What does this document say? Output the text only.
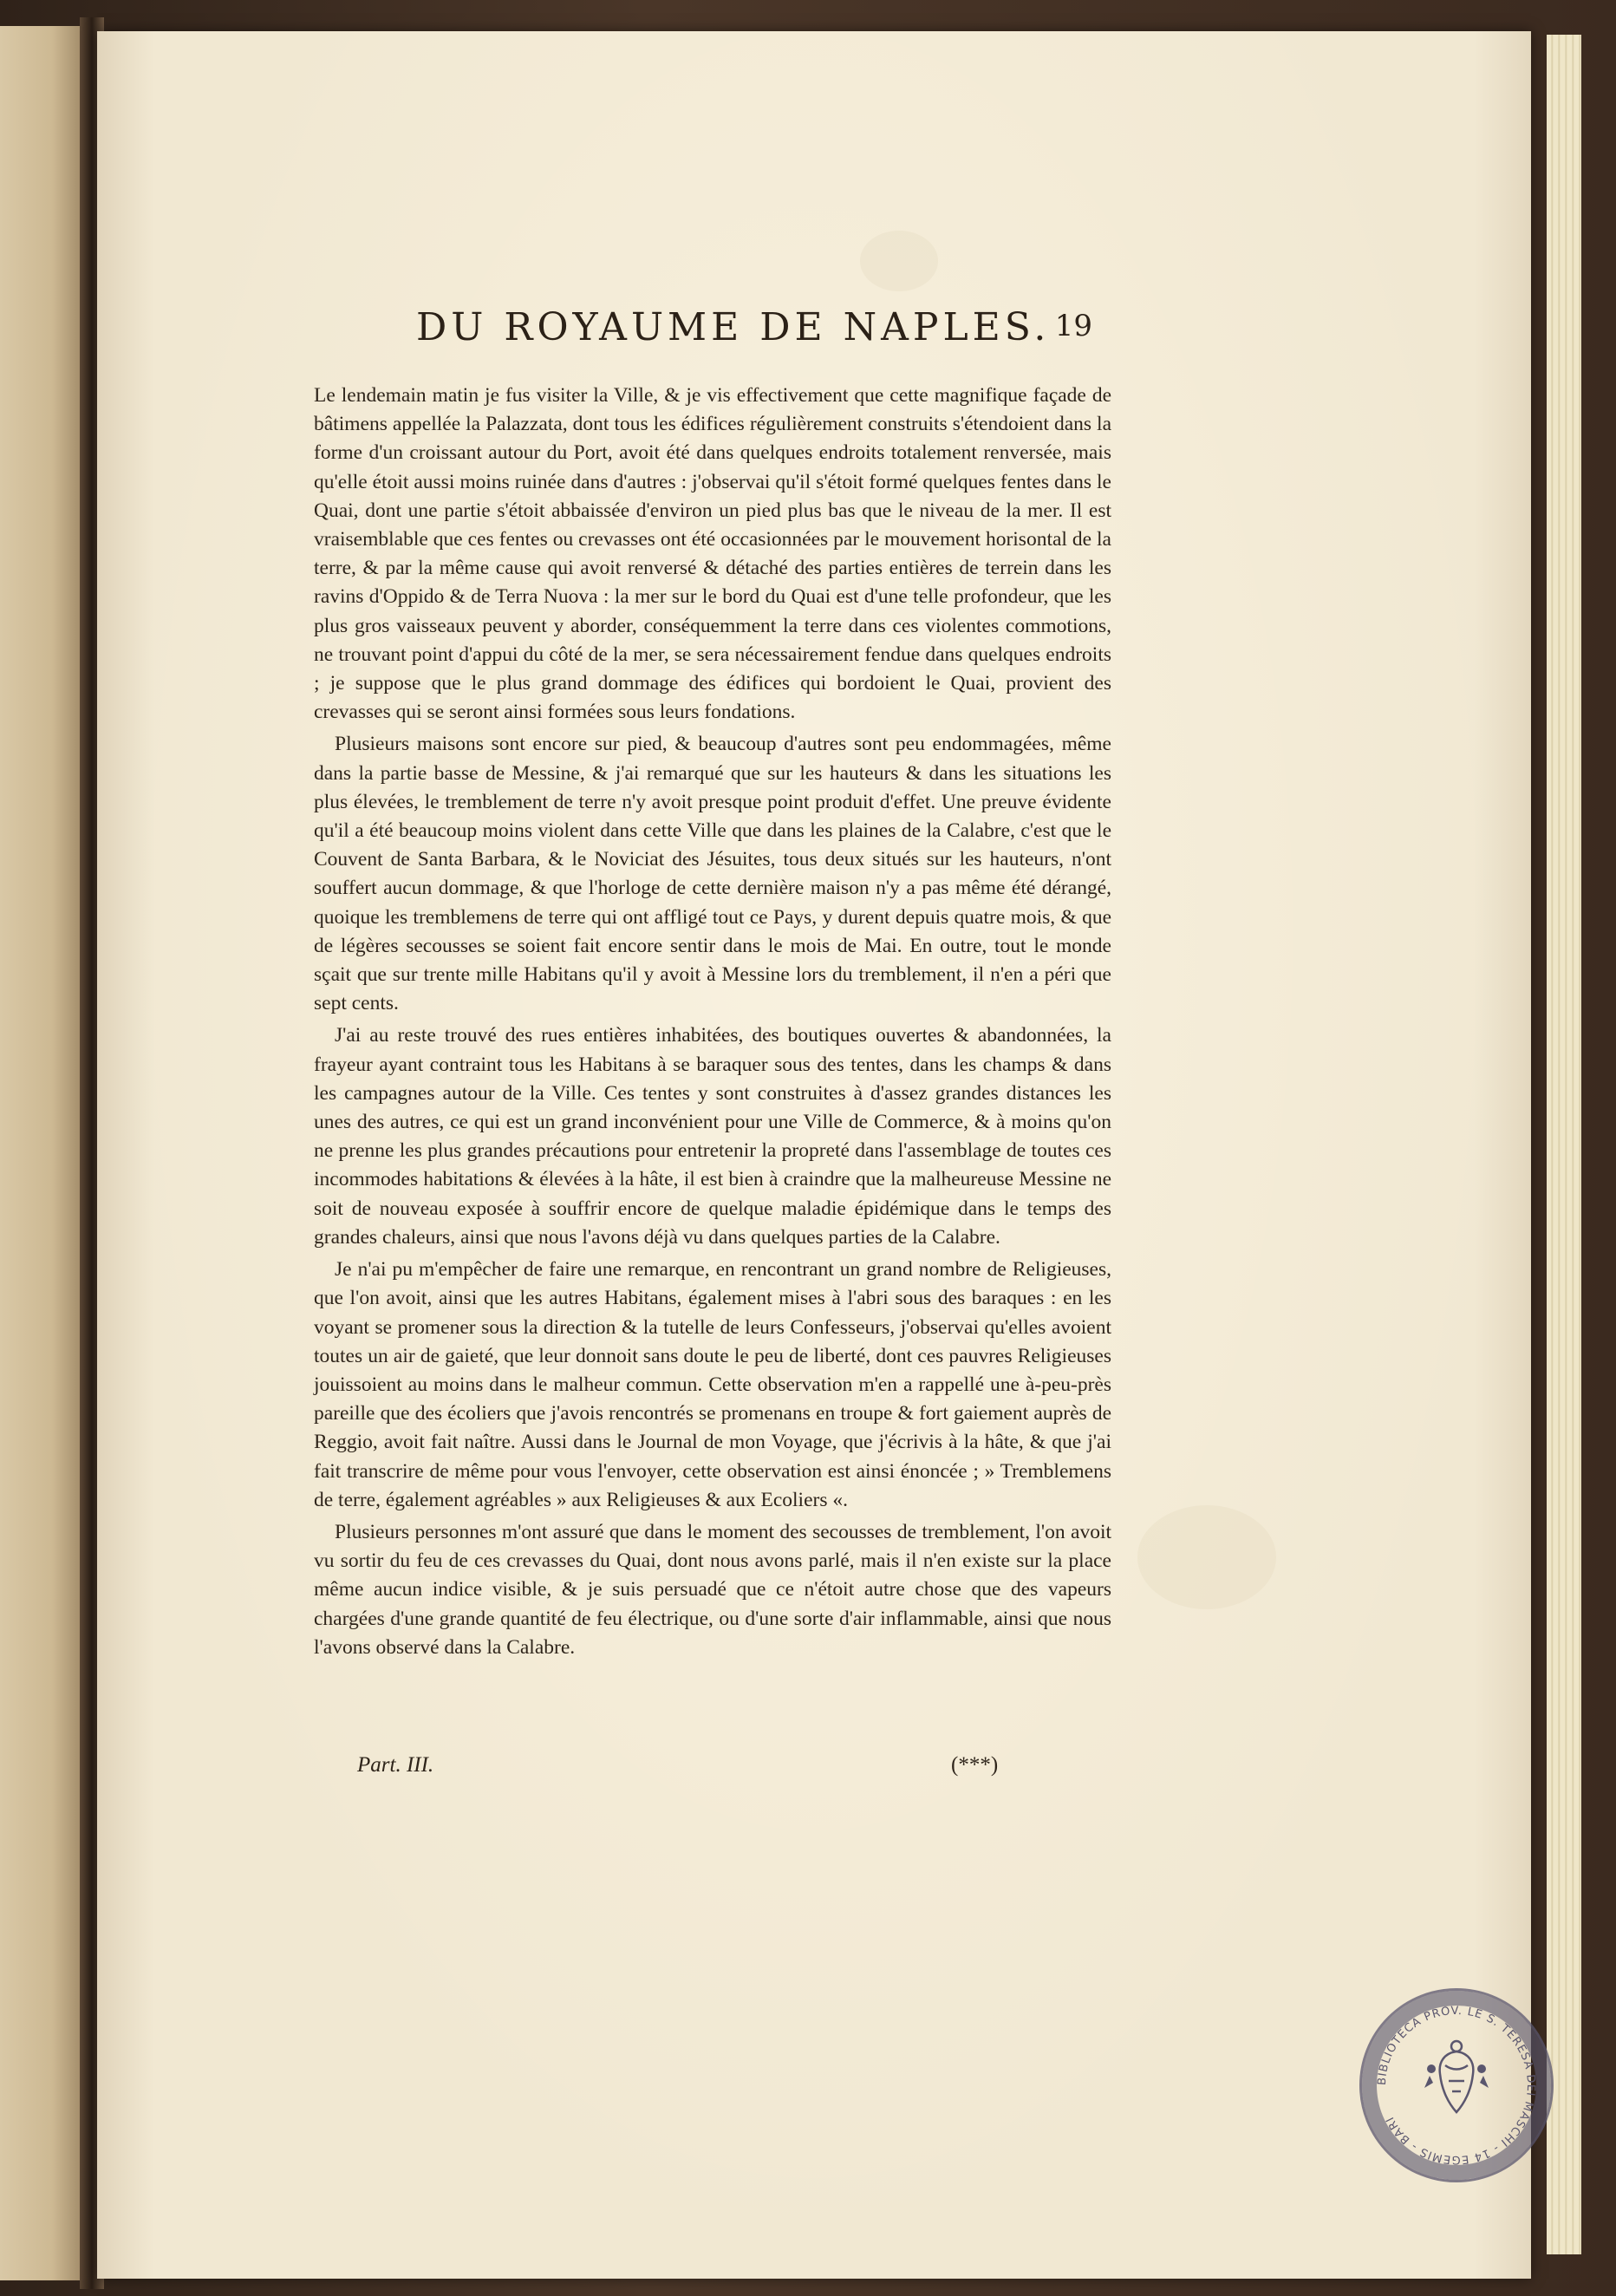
DU ROYAUME DE NAPLES. 19

Le lendemain matin je fus visiter la Ville, & je vis effectivement que cette magnifique façade de bâtimens appellée la Palazzata, dont tous les édifices régulièrement construits s'étendoient dans la forme d'un croissant autour du Port, avoit été dans quelques endroits totalement renversée, mais qu'elle étoit aussi moins ruinée dans d'autres : j'observai qu'il s'étoit formé quelques fentes dans le Quai, dont une partie s'étoit abbaissée d'environ un pied plus bas que le niveau de la mer. Il est vraisemblable que ces fentes ou crevasses ont été occasionnées par le mouvement horisontal de la terre, & par la même cause qui avoit renversé & détaché des parties entières de terrein dans les ravins d'Oppido & de Terra Nuova : la mer sur le bord du Quai est d'une telle profondeur, que les plus gros vaisseaux peuvent y aborder, conséquemment la terre dans ces violentes commotions, ne trouvant point d'appui du côté de la mer, se sera nécessairement fendue dans quelques endroits ; je suppose que le plus grand dommage des édifices qui bordoient le Quai, provient des crevasses qui se seront ainsi formées sous leurs fondations.

Plusieurs maisons sont encore sur pied, & beaucoup d'autres sont peu endommagées, même dans la partie basse de Messine, & j'ai remarqué que sur les hauteurs & dans les situations les plus élevées, le tremblement de terre n'y avoit presque point produit d'effet. Une preuve évidente qu'il a été beaucoup moins violent dans cette Ville que dans les plaines de la Calabre, c'est que le Couvent de Santa Barbara, & le Noviciat des Jésuites, tous deux situés sur les hauteurs, n'ont souffert aucun dommage, & que l'horloge de cette dernière maison n'y a pas même été dérangé, quoique les tremblemens de terre qui ont affligé tout ce Pays, y durent depuis quatre mois, & que de légères secousses se soient fait encore sentir dans le mois de Mai. En outre, tout le monde sçait que sur trente mille Habitans qu'il y avoit à Messine lors du tremblement, il n'en a péri que sept cents.

J'ai au reste trouvé des rues entières inhabitées, des boutiques ouvertes & abandonnées, la frayeur ayant contraint tous les Habitans à se baraquer sous des tentes, dans les champs & dans les campagnes autour de la Ville. Ces tentes y sont construites à d'assez grandes distances les unes des autres, ce qui est un grand inconvénient pour une Ville de Commerce, & à moins qu'on ne prenne les plus grandes précautions pour entretenir la propreté dans l'assemblage de toutes ces incommodes habitations & élevées à la hâte, il est bien à craindre que la malheureuse Messine ne soit de nouveau exposée à souffrir encore de quelque maladie épidémique dans le temps des grandes chaleurs, ainsi que nous l'avons déjà vu dans quelques parties de la Calabre.

Je n'ai pu m'empêcher de faire une remarque, en rencontrant un grand nombre de Religieuses, que l'on avoit, ainsi que les autres Habitans, également mises à l'abri sous des baraques : en les voyant se promener sous la direction & la tutelle de leurs Confesseurs, j'observai qu'elles avoient toutes un air de gaieté, que leur donnoit sans doute le peu de liberté, dont ces pauvres Religieuses jouissoient au moins dans le malheur commun. Cette observation m'en a rappellé une à-peu-près pareille que des écoliers que j'avois rencontrés se promenans en troupe & fort gaiement auprès de Reggio, avoit fait naître. Aussi dans le Journal de mon Voyage, que j'écrivis à la hâte, & que j'ai fait transcrire de même pour vous l'envoyer, cette observation est ainsi énoncée ; » Tremblemens de terre, également agréables » aux Religieuses & aux Ecoliers «.

Plusieurs personnes m'ont assuré que dans le moment des secousses de tremblement, l'on avoit vu sortir du feu de ces crevasses du Quai, dont nous avons parlé, mais il n'en existe sur la place même aucun indice visible, & je suis persuadé que ce n'étoit autre chose que des vapeurs chargées d'une grande quantité de feu électrique, ou d'une sorte d'air inflammable, ainsi que nous l'avons observé dans la Calabre.

Part. III.	(***)
BIBLIOTECA PROV. LE S. TERESA DEI MASCHI - 14 EGEMIS - BARI
